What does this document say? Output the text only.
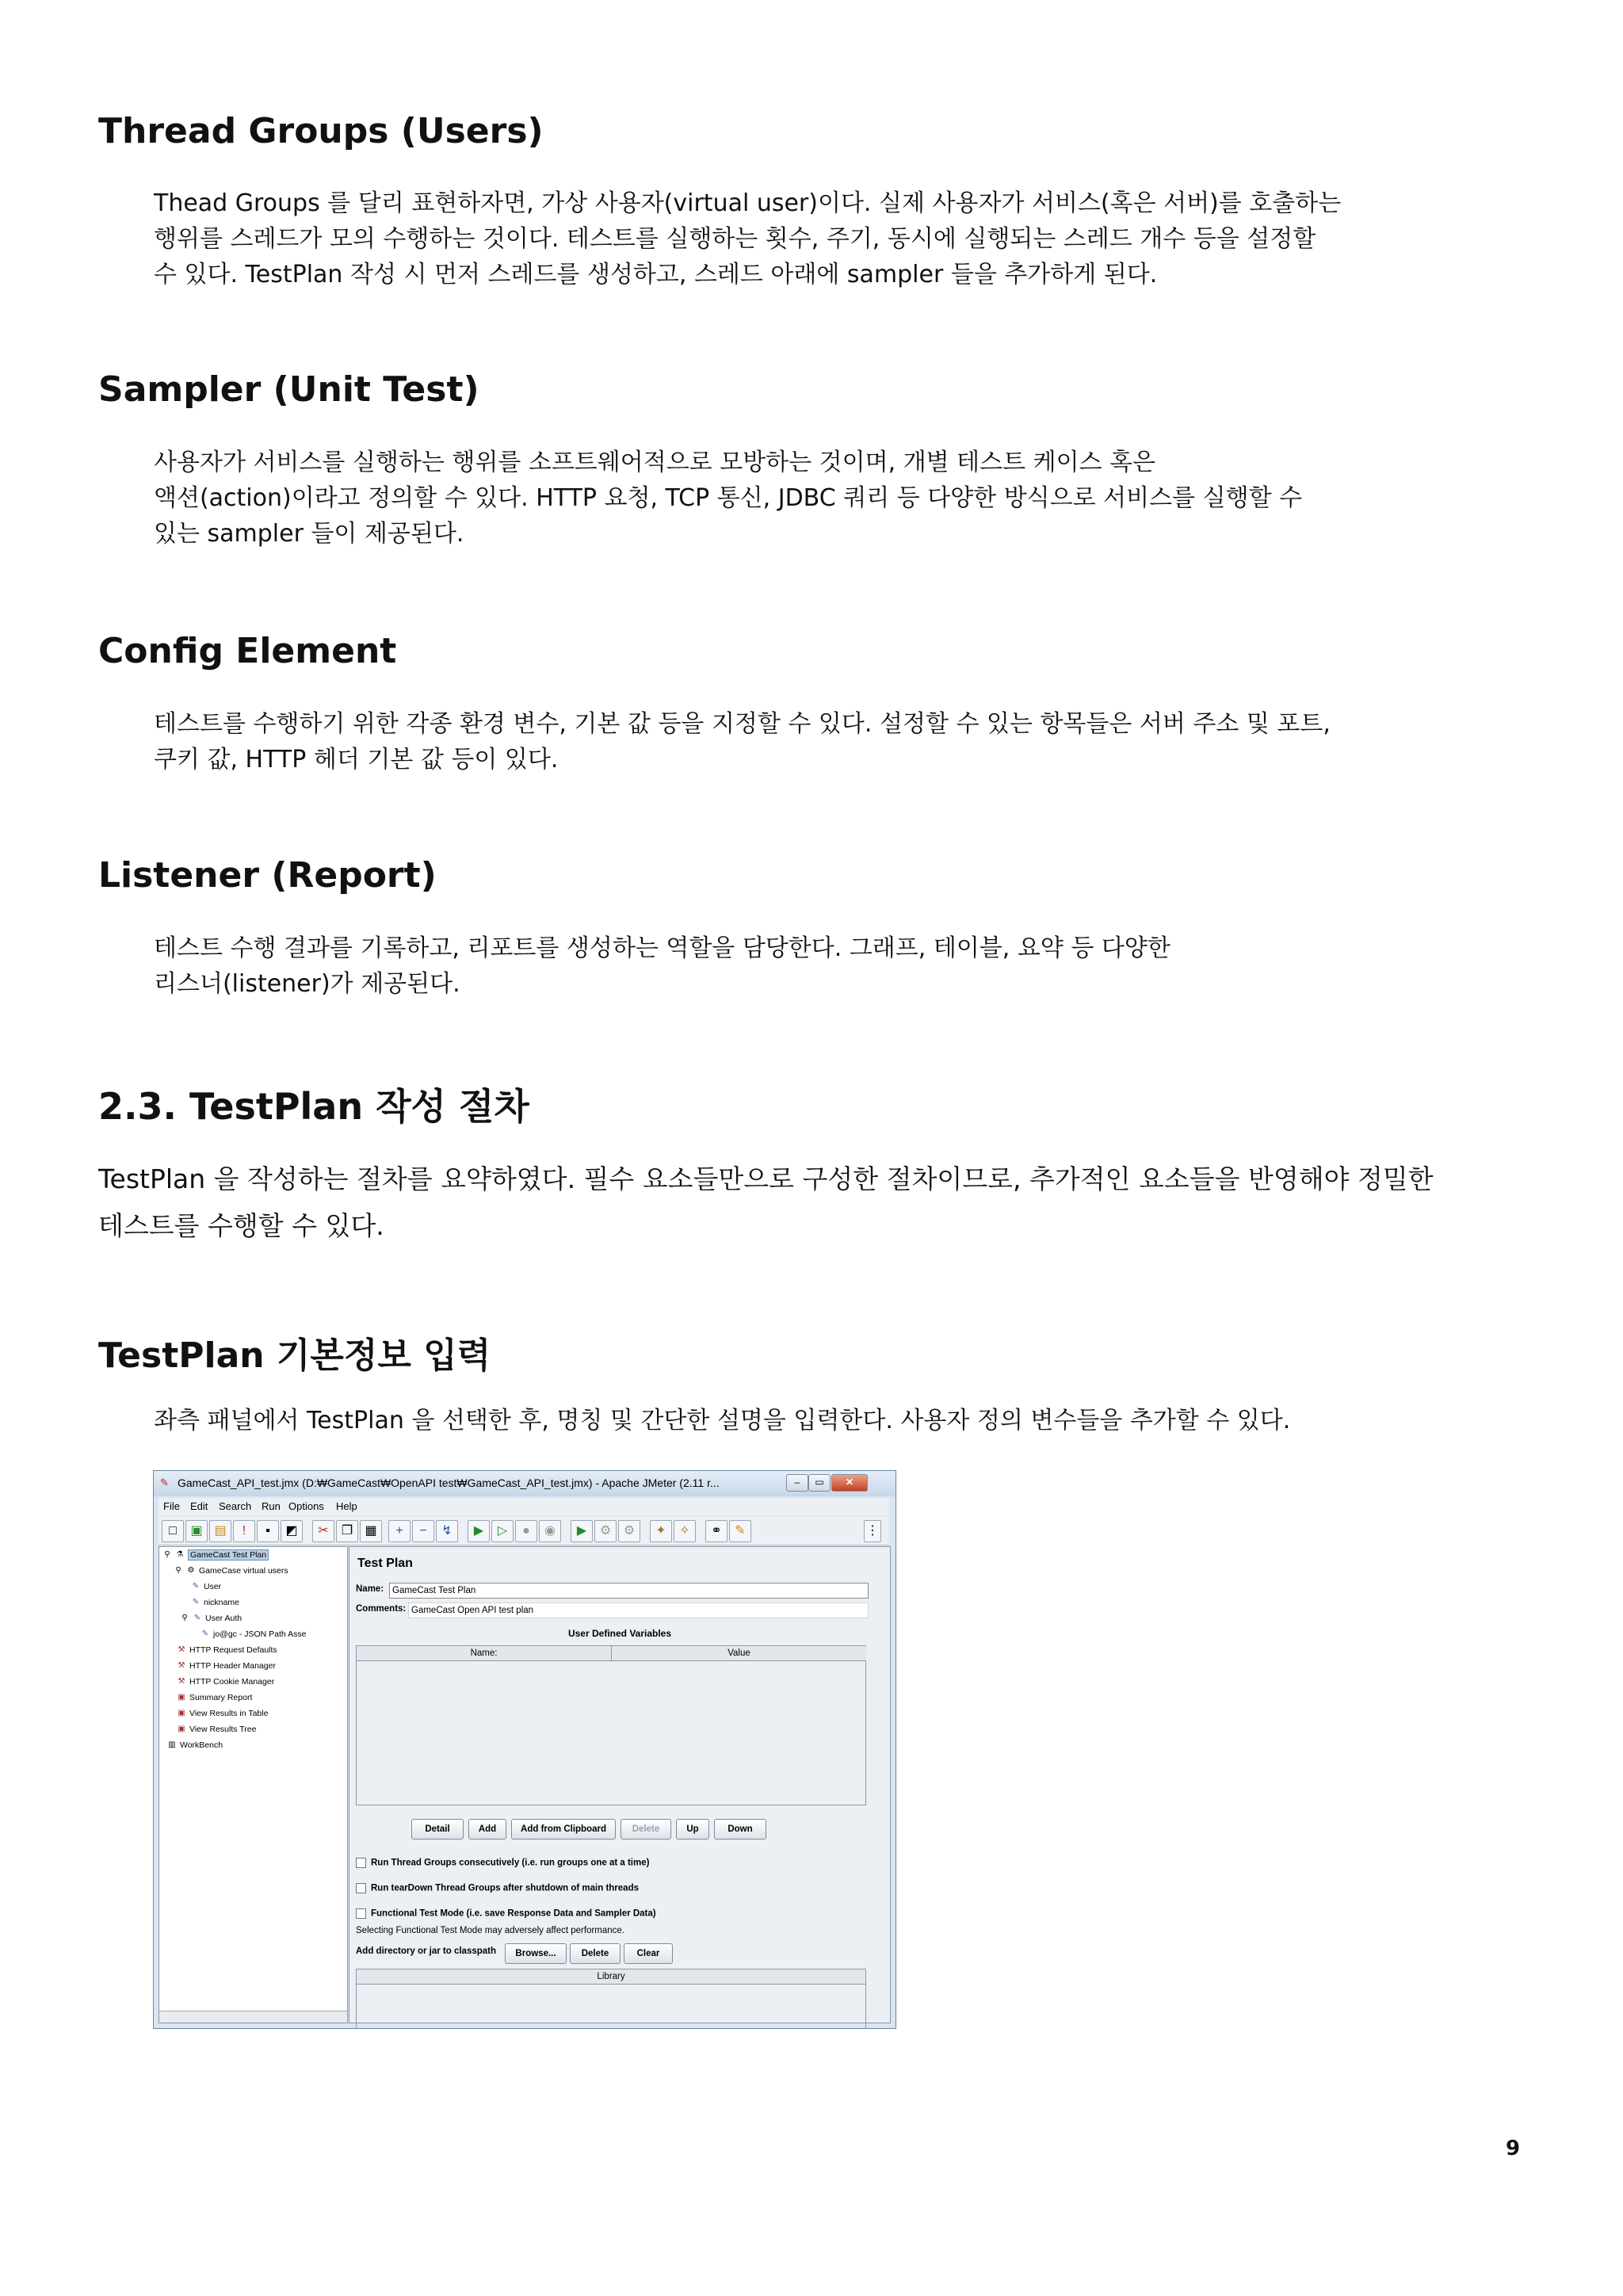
Thread Groups (Users)
Thead Groups 를 달리 표현하자면, 가상 사용자(virtual user)이다. 실제 사용자가 서비스(혹은 서버)를 호출하는
행위를 스레드가 모의 수행하는 것이다. 테스트를 실행하는 횟수, 주기, 동시에 실행되는 스레드 개수 등을 설정할
수 있다. TestPlan 작성 시 먼저 스레드를 생성하고, 스레드 아래에 sampler 들을 추가하게 된다.
Sampler (Unit Test)
사용자가 서비스를 실행하는 행위를 소프트웨어적으로 모방하는 것이며, 개별 테스트 케이스 혹은
액션(action)이라고 정의할 수 있다. HTTP 요청, TCP 통신, JDBC 쿼리 등 다양한 방식으로 서비스를 실행할 수
있는 sampler 들이 제공된다.
Config Element
테스트를 수행하기 위한 각종 환경 변수, 기본 값 등을 지정할 수 있다. 설정할 수 있는 항목들은 서버 주소 및 포트,
쿠키 값, HTTP 헤더 기본 값 등이 있다.
Listener (Report)
테스트 수행 결과를 기록하고, 리포트를 생성하는 역할을 담당한다. 그래프, 테이블, 요약 등 다양한
리스너(listener)가 제공된다.
2.3. TestPlan 작성 절차
TestPlan 을 작성하는 절차를 요약하였다. 필수 요소들만으로 구성한 절차이므로, 추가적인 요소들을 반영해야 정밀한
테스트를 수행할 수 있다.
TestPlan 기본정보 입력
좌측 패널에서 TestPlan 을 선택한 후, 명칭 및 간단한 설명을 입력한다. 사용자 정의 변수들을 추가할 수 있다.
✎ GameCast_API_test.jmx (D:₩GameCast₩OpenAPI test₩GameCast_API_test.jmx) - Apache JMeter (2.11 r...	–	▭	✕
File Edit Search Run Options Help
□	▣ ▤	!	▪	◩	✂	❐ ▦	+	−	↯	▶	▷	●	◉	▶	⚙ ⚙	✦	✧	⚭	✎	⋮
⚲ ⚗ GameCast Test Plan
⚲ ⚙ GameCase virtual users
✎ User
✎ nickname
⚲ ✎ User Auth
✎ jo@gc - JSON Path Asse
⚒ HTTP Request Defaults
⚒ HTTP Header Manager
⚒ HTTP Cookie Manager
▣ Summary Report
▣ View Results in Table
▣ View Results Tree
▥ WorkBench
Test Plan
Name: GameCast Test Plan
Comments: GameCast Open API test plan
User Defined Variables
Name:	Value
Detail	Add	Add from Clipboard	Delete	Up	Down
Run Thread Groups consecutively (i.e. run groups one at a time)
Run tearDown Thread Groups after shutdown of main threads
Functional Test Mode (i.e. save Response Data and Sampler Data)
Selecting Functional Test Mode may adversely affect performance.
Add directory or jar to classpath	Browse...	Delete	Clear
Library
9
